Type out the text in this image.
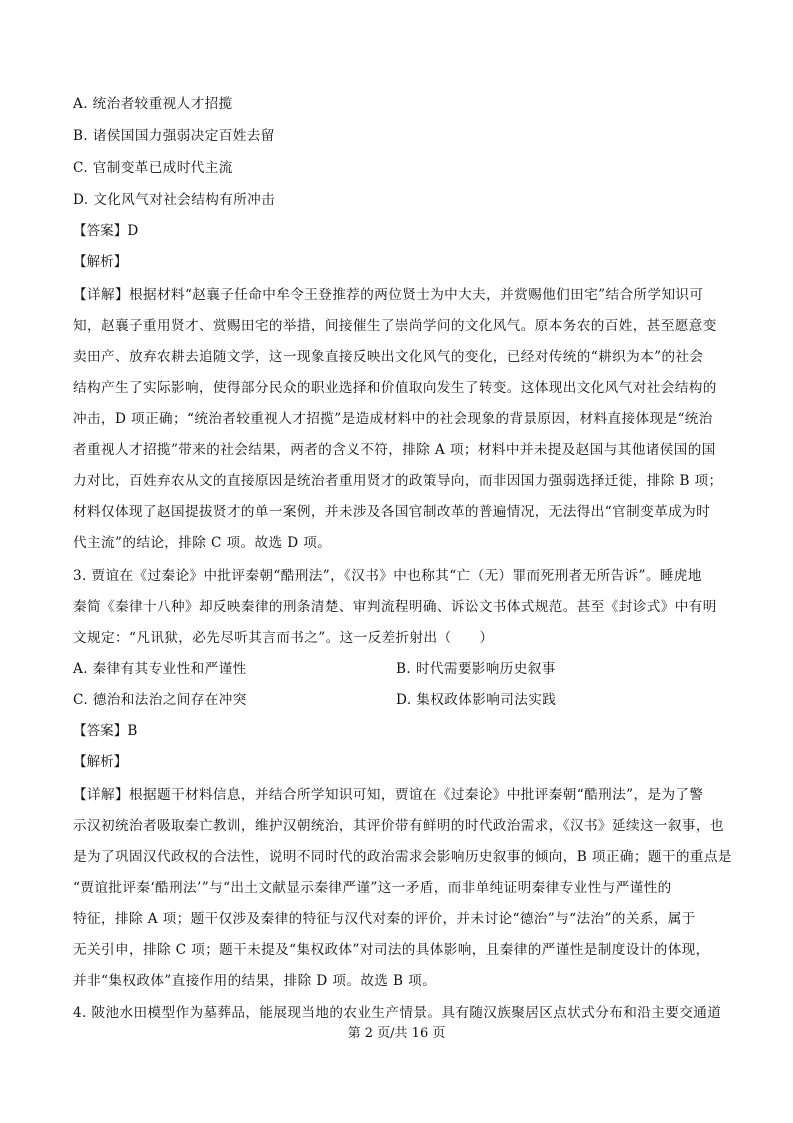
A. 统治者较重视人才招揽
B. 诸侯国国力强弱决定百姓去留
C. 官制变革已成时代主流
D. 文化风气对社会结构有所冲击
【答案】D
【解析】
【详解】根据材料“赵襄子任命中牟令王登推荐的两位贤士为中大夫，并赏赐他们田宅”结合所学知识可
知，赵襄子重用贤才、赏赐田宅的举措，间接催生了崇尚学问的文化风气。原本务农的百姓，甚至愿意变
卖田产、放弃农耕去追随文学，这一现象直接反映出文化风气的变化，已经对传统的“耕织为本”的社会
结构产生了实际影响，使得部分民众的职业选择和价值取向发生了转变。这体现出文化风气对社会结构的
冲击，D 项正确；“统治者较重视人才招揽”是造成材料中的社会现象的背景原因，材料直接体现是“统治
者重视人才招揽”带来的社会结果，两者的含义不符，排除 A 项；材料中并未提及赵国与其他诸侯国的国
力对比，百姓弃农从文的直接原因是统治者重用贤才的政策导向，而非因国力强弱选择迁徙，排除 B 项；
材料仅体现了赵国提拔贤才的单一案例，并未涉及各国官制改革的普遍情况，无法得出“官制变革成为时
代主流”的结论，排除 C 项。故选 D 项。
3. 贾谊在《过秦论》中批评秦朝“酷刑法”，《汉书》中也称其“亡（无）罪而死刑者无所告诉”。睡虎地
秦简《秦律十八种》却反映秦律的刑条清楚、审判流程明确、诉讼文书体式规范。甚至《封诊式》中有明
文规定：“凡讯狱，必先尽听其言而书之”。这一反差折射出（　　）
A. 秦律有其专业性和严谨性	B. 时代需要影响历史叙事
C. 德治和法治之间存在冲突	D. 集权政体影响司法实践
【答案】B
【解析】
【详解】根据题干材料信息，并结合所学知识可知，贾谊在《过秦论》中批评秦朝“酷刑法”，是为了警
示汉初统治者吸取秦亡教训，维护汉朝统治，其评价带有鲜明的时代政治需求，《汉书》延续这一叙事，也
是为了巩固汉代政权的合法性，说明不同时代的政治需求会影响历史叙事的倾向，B 项正确；题干的重点是
“贾谊批评秦‘酷刑法’”与“出土文献显示秦律严谨”这一矛盾，而非单纯证明秦律专业性与严谨性的
特征，排除 A 项；题干仅涉及秦律的特征与汉代对秦的评价，并未讨论“德治”与“法治”的关系，属于
无关引申，排除 C 项；题干未提及“集权政体”对司法的具体影响，且秦律的严谨性是制度设计的体现，
并非“集权政体”直接作用的结果，排除 D 项。故选 B 项。
4. 陂池水田模型作为墓葬品，能展现当地的农业生产情景。具有随汉族聚居区点状式分布和沿主要交通道
第 2 页/共 16 页
